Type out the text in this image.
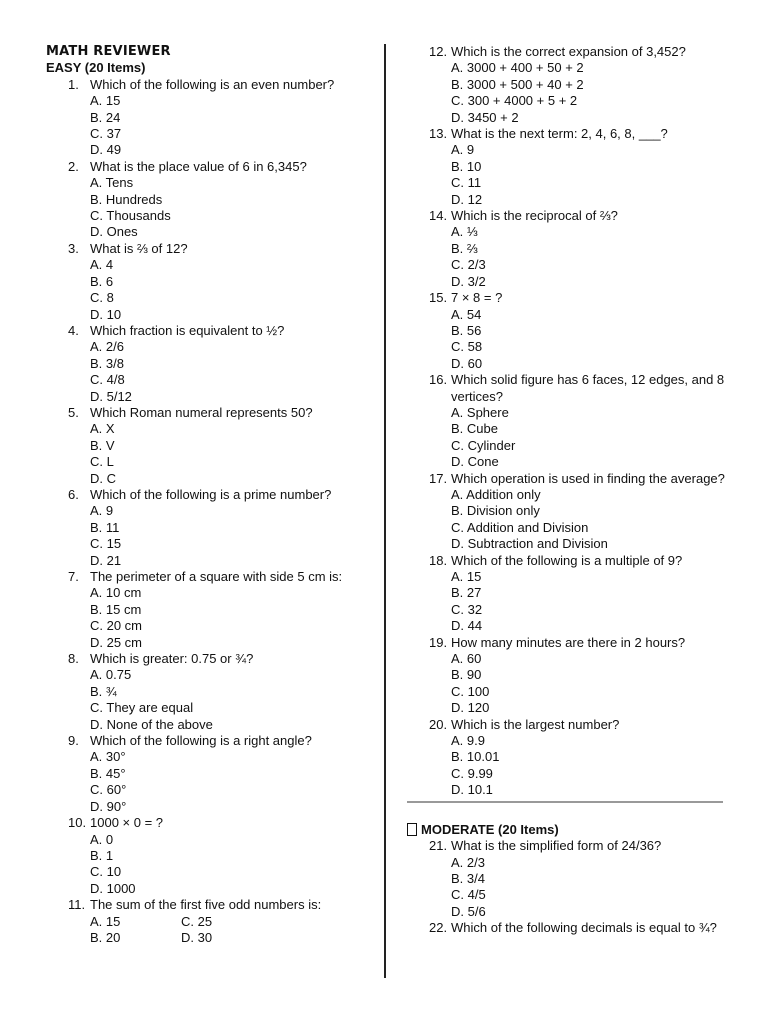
MATH REVIEWER
EASY (20 Items)
1. Which of the following is an even number?
A. 15
B. 24
C. 37
D. 49
2. What is the place value of 6 in 6,345?
A. Tens
B. Hundreds
C. Thousands
D. Ones
3. What is ⅔ of 12?
A. 4
B. 6
C. 8
D. 10
4. Which fraction is equivalent to ½?
A. 2/6
B. 3/8
C. 4/8
D. 5/12
5. Which Roman numeral represents 50?
A. X
B. V
C. L
D. C
6. Which of the following is a prime number?
A. 9
B. 11
C. 15
D. 21
7. The perimeter of a square with side 5 cm is:
A. 10 cm
B. 15 cm
C. 20 cm
D. 25 cm
8. Which is greater: 0.75 or ¾?
A. 0.75
B. ¾
C. They are equal
D. None of the above
9. Which of the following is a right angle?
A. 30°
B. 45°
C. 60°
D. 90°
10. 1000 × 0 = ?
A. 0
B. 1
C. 10
D. 1000
11. The sum of the first five odd numbers is:
A. 15	C. 25
B. 20	D. 30
12. Which is the correct expansion of 3,452?
A. 3000 + 400 + 50 + 2
B. 3000 + 500 + 40 + 2
C. 300 + 4000 + 5 + 2
D. 3450 + 2
13. What is the next term: 2, 4, 6, 8, ___?
A. 9
B. 10
C. 11
D. 12
14. Which is the reciprocal of ⅔?
A. ⅓
B. ⅔
C. 2/3
D. 3/2
15. 7 × 8 = ?
A. 54
B. 56
C. 58
D. 60
16. Which solid figure has 6 faces, 12 edges, and 8 vertices?
A. Sphere
B. Cube
C. Cylinder
D. Cone
17. Which operation is used in finding the average?
A. Addition only
B. Division only
C. Addition and Division
D. Subtraction and Division
18. Which of the following is a multiple of 9?
A. 15
B. 27
C. 32
D. 44
19. How many minutes are there in 2 hours?
A. 60
B. 90
C. 100
D. 120
20. Which is the largest number?
A. 9.9
B. 10.01
C. 9.99
D. 10.1
MODERATE (20 Items)
21. What is the simplified form of 24/36?
A. 2/3
B. 3/4
C. 4/5
D. 5/6
22. Which of the following decimals is equal to ¾?
